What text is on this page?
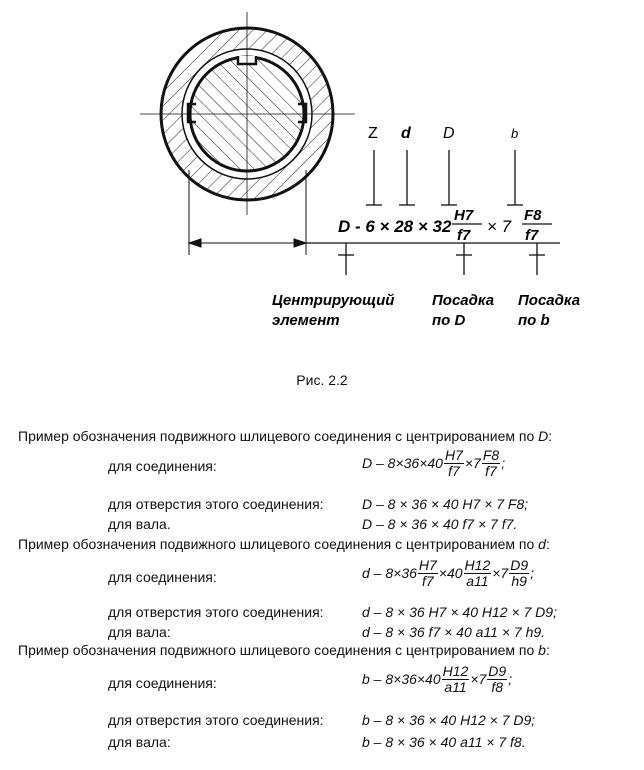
Z d D	b
D - 6 × 28 × 32
H7
f7 × 7
F8
f7
Центрирующий
элемент
Посадка
по D
Посадка
по b
Рис. 2.2
Пример обозначения подвижного шлицевого соединения с центрированием по D:
для соединения:	$D - 8\times 36\times 40 \frac{H7}{f7} \times 7 \frac{F8}{f7}$ ;
для отверстия этого соединения:	D – 8 × 36 × 40 H7 × 7 F8;
для вала.	D – 8 × 36 × 40 f7 × 7 f7.
Пример обозначения подвижного шлицевого соединения с центрированием по d:
для соединения:	$d - 8\times 36 \frac{H7}{f7} \times 40 \frac{H12}{a11} \times 7 \frac{D9}{h9}$ ;
для отверстия этого соединения:	d – 8 × 36 H7 × 40 H12 × 7 D9;
для вала:	d – 8 × 36 f7 × 40 a11 × 7 h9.
Пример обозначения подвижного шлицевого соединения с центрированием по b:
для соединения:	$b - 8\times 36\times 40 \frac{H12}{a11} \times 7 \frac{D9}{f8}$ ;
для отверстия этого соединения:	b – 8 × 36 × 40 H12 × 7 D9;
для вала:	b – 8 × 36 × 40 a11 × 7 f8.
